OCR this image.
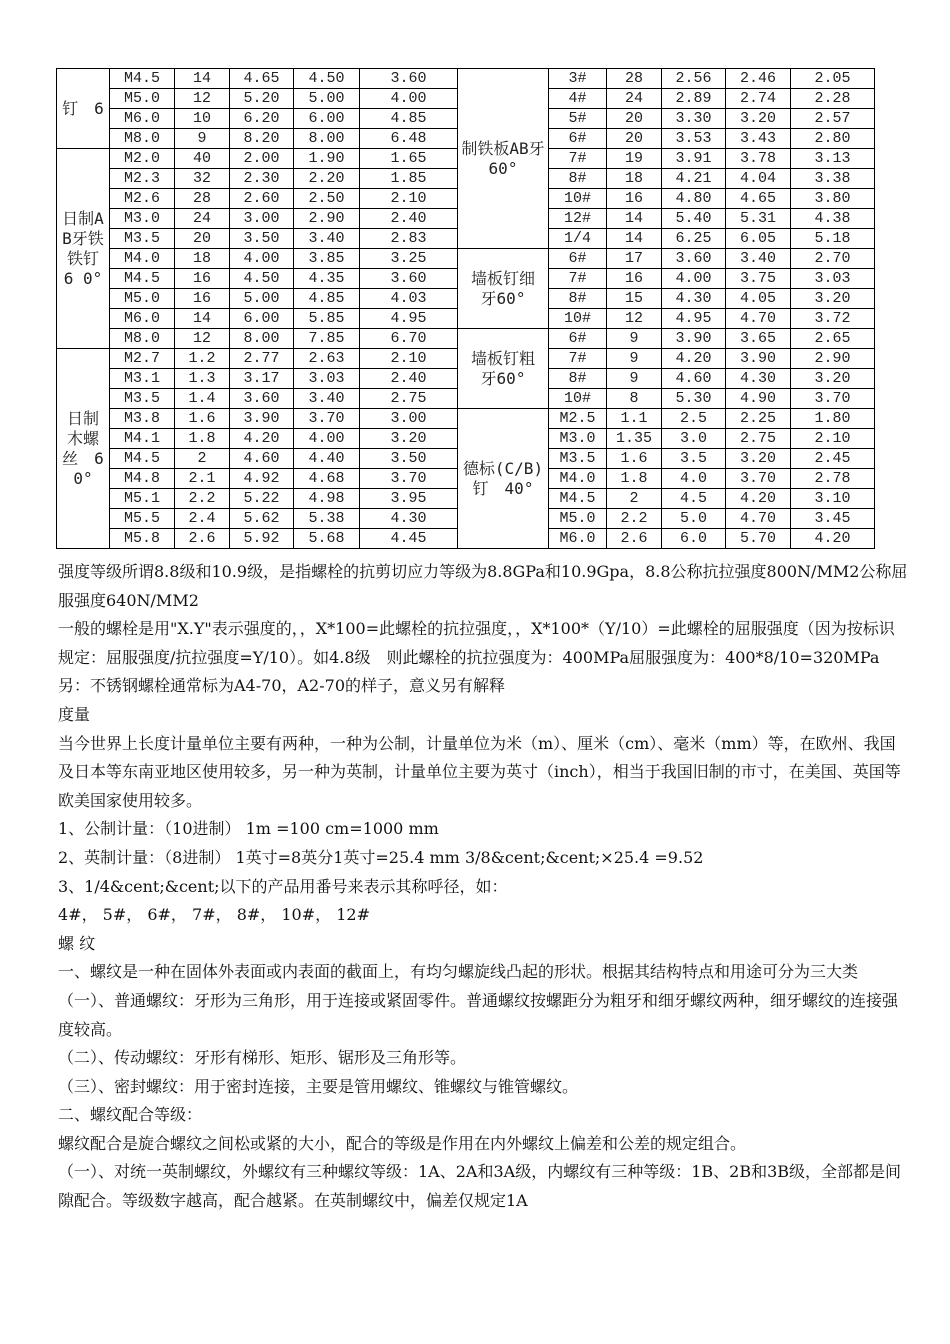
钉　6	M4.5	14	4.65	4.50	3.60	制铁板AB牙　 60°	3#	28	2.56	2.46	2.05
	M5.0	12	5.20	5.00	4.00		4#	24	2.89	2.74	2.28
	M6.0	10	6.20	6.00	4.85		5#	20	3.30	3.20	2.57
	M8.0	9	8.20	8.00	6.48		6#	20	3.53	3.43	2.80
日制AB牙铁铁钉　6 0°	M2.0	40	2.00	1.90	1.65		7#	19	3.91	3.78	3.13
	M2.3	32	2.30	2.20	1.85		8#	18	4.21	4.04	3.38
	M2.6	28	2.60	2.50	2.10		10#	16	4.80	4.65	3.80
	M3.0	24	3.00	2.90	2.40		12#	14	5.40	5.31	4.38
	M3.5	20	3.50	3.40	2.83		1/4	14	6.25	6.05	5.18
	M4.0	18	4.00	3.85	3.25	墙板钉细　牙60°	6#	17	3.60	3.40	2.70
	M4.5	16	4.50	4.35	3.60		7#	16	4.00	3.75	3.03
	M5.0	16	5.00	4.85	4.03		8#	15	4.30	4.05	3.20
	M6.0	14	6.00	5.85	4.95		10#	12	4.95	4.70	3.72
	M8.0	12	8.00	7.85	6.70	墙板钉粗　牙60°	6#	9	3.90	3.65	2.65
日制木螺丝　6 0°	M2.7	1.2	2.77	2.63	2.10		7#	9	4.20	3.90	2.90
	M3.1	1.3	3.17	3.03	2.40		8#	9	4.60	4.30	3.20
	M3.5	1.4	3.60	3.40	2.75		10#	8	5.30	4.90	3.70
	M3.8	1.6	3.90	3.70	3.00	德标(C/B)钉　40°	M2.5	1.1	2.5	2.25	1.80
	M4.1	1.8	4.20	4.00	3.20		M3.0	1.35	3.0	2.75	2.10
	M4.5	2	4.60	4.40	3.50		M3.5	1.6	3.5	3.20	2.45
	M4.8	2.1	4.92	4.68	3.70		M4.0	1.8	4.0	3.70	2.78
	M5.1	2.2	5.22	4.98	3.95		M4.5	2	4.5	4.20	3.10
	M5.5	2.4	5.62	5.38	4.30		M5.0	2.2	5.0	4.70	3.45
	M5.8	2.6	5.92	5.68	4.45		M6.0	2.6	6.0	5.70	4.20

强度等级所谓8.8级和10.9级，是指螺栓的抗剪切应力等级为8.8GPa和10.9Gpa，8.8公称抗拉强度800N/MM2公称屈服强度640N/MM2

一般的螺栓是用"X.Y"表示强度的，，X*100=此螺栓的抗拉强度，，X*100*（Y/10）=此螺栓的屈服强度（因为按标识规定：屈服强度/抗拉强度=Y/10）。如4.8级　则此螺栓的抗拉强度为：400MPa屈服强度为：400*8/10=320MPa

另：不锈钢螺栓通常标为A4-70，A2-70的样子，意义另有解释

度量

当今世界上长度计量单位主要有两种，一种为公制，计量单位为米（m）、厘米（cm）、毫米（mm）等，在欧州、我国及日本等东南亚地区使用较多，另一种为英制，计量单位主要为英寸（inch），相当于我国旧制的市寸，在美国、英国等欧美国家使用较多。

1、公制计量：（10进制） 1m =100 cm=1000 mm

2、英制计量：（8进制） 1英寸=8英分1英寸=25.4 mm 3/8&cent;&cent;×25.4 =9.52

3、1/4&cent;&cent;以下的产品用番号来表示其称呼径，如：

4#， 5#， 6#， 7#， 8#， 10#， 12#

螺 纹

一、螺纹是一种在固体外表面或内表面的截面上，有均匀螺旋线凸起的形状。根据其结构特点和用途可分为三大类

（一）、普通螺纹：牙形为三角形，用于连接或紧固零件。普通螺纹按螺距分为粗牙和细牙螺纹两种，细牙螺纹的连接强度较高。

（二）、传动螺纹：牙形有梯形、矩形、锯形及三角形等。

（三）、密封螺纹：用于密封连接，主要是管用螺纹、锥螺纹与锥管螺纹。

二、螺纹配合等级：

螺纹配合是旋合螺纹之间松或紧的大小，配合的等级是作用在内外螺纹上偏差和公差的规定组合。

（一）、对统一英制螺纹，外螺纹有三种螺纹等级：1A、2A和3A级，内螺纹有三种等级：1B、2B和3B级，全部都是间隙配合。等级数字越高，配合越紧。在英制螺纹中，偏差仅规定1A
